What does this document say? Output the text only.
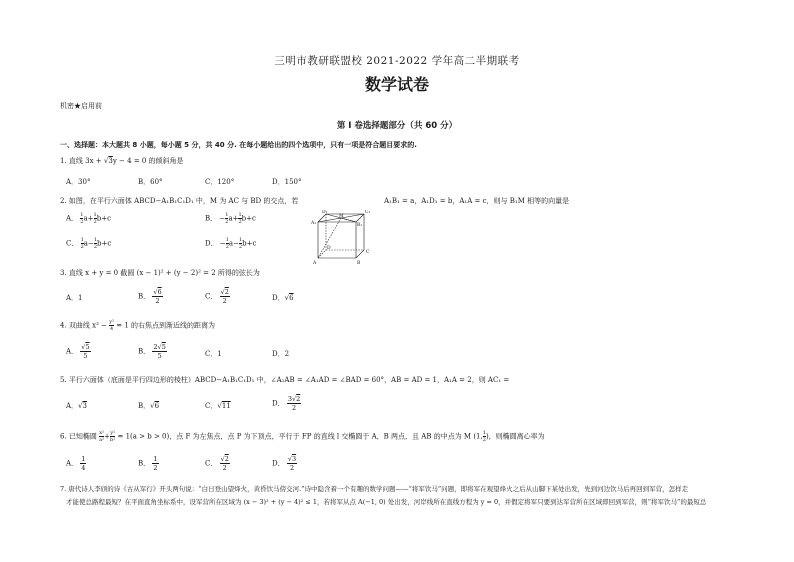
三明市教研联盟校 2021-2022 学年高二半期联考
数学试卷
机密★启用前
第 I 卷选择题部分（共 60 分）
一、选择题：本大题共 8 小题，每小题 5 分，共 40 分. 在每小题给出的四个选项中，只有一项是符合题目要求的.
1. 直线 3x + √3y − 4 = 0 的倾斜角是
A．30°	B．60°	C．120°	D．150°
2. 如图，在平行六面体 ABCD−A₁B₁C₁D₁ 中，M 为 AC 与 BD 的交点，若	A₁B₁ = a，A₁D₁ = b，A₁A = c，则与 B₁M 相等的向量是
A． $\frac{1}{2} a+ \frac{1}{2} b+c$	B． − $\frac{1}{2} a+ \frac{1}{2} b+c$
C． $\frac{1}{2} a- \frac{1}{2} b+c$	D． − $\frac{1}{2} a- \frac{1}{2} b+c$
D₁	C₁
A₁	B₁
M
D
C
A	B
3. 直线 x + y = 0 截圆 (x − 1)² + (y − 2)² = 2 所得的弦长为
A．1	B． $\frac{√6}{2}$	C． $\frac{√2}{2}$	D．√6
4. 双曲线 $x^2 - \frac{\text{y²}}{4} = 1$ 的右焦点到渐近线的距离为
A． $\frac{√5}{5}$	B． $\frac{2√5}{5}$	C．1	D．2
5. 平行六面体（底面是平行四边形的棱柱）ABCD−A₁B₁C₁D₁ 中，∠A₁AB = ∠A₁AD = ∠BAD = 60°，AB = AD = 1，A₁A = 2，则 AC₁ =
A．√3	B．√6	C．√11	D． $\frac{3√2}{2}$
6. 已知椭圆 $\frac{\text{x²}}{\text{a²}} + \frac{\text{y²}}{\text{b²}} = 1(a > b > 0)$，点 F 为左焦点，点 P 为下顶点，平行于 FP 的直线 l 交椭圆于 A，B 两点，且 AB 的中点为 M (1, $\frac{1}{2}$ )，则椭圆离心率为
A． $\frac{1}{4}$	B． $\frac{1}{2}$	C． $\frac{√2}{2}$	D． $\frac{√3}{2}$
7. 唐代诗人李颀的诗《古从军行》开头两句说：“白日登山望烽火，黄昏饮马傍交河.”诗中隐含着一个有趣的数学问题——“将军饮马”问题，即将军在观望烽火之后从山脚下某处出发，先到河边饮马后再回到军营，怎样走
才能使总路程最短？在平面直角坐标系中，设军营所在区域为 (x − 3)² + (y − 4)² ≤ 1，若将军从点 A(−1, 0) 处出发，河岸线所在直线方程为 y = 0，并假定将军只要到达军营所在区域即回到军营，则“将军饮马”的最短总
